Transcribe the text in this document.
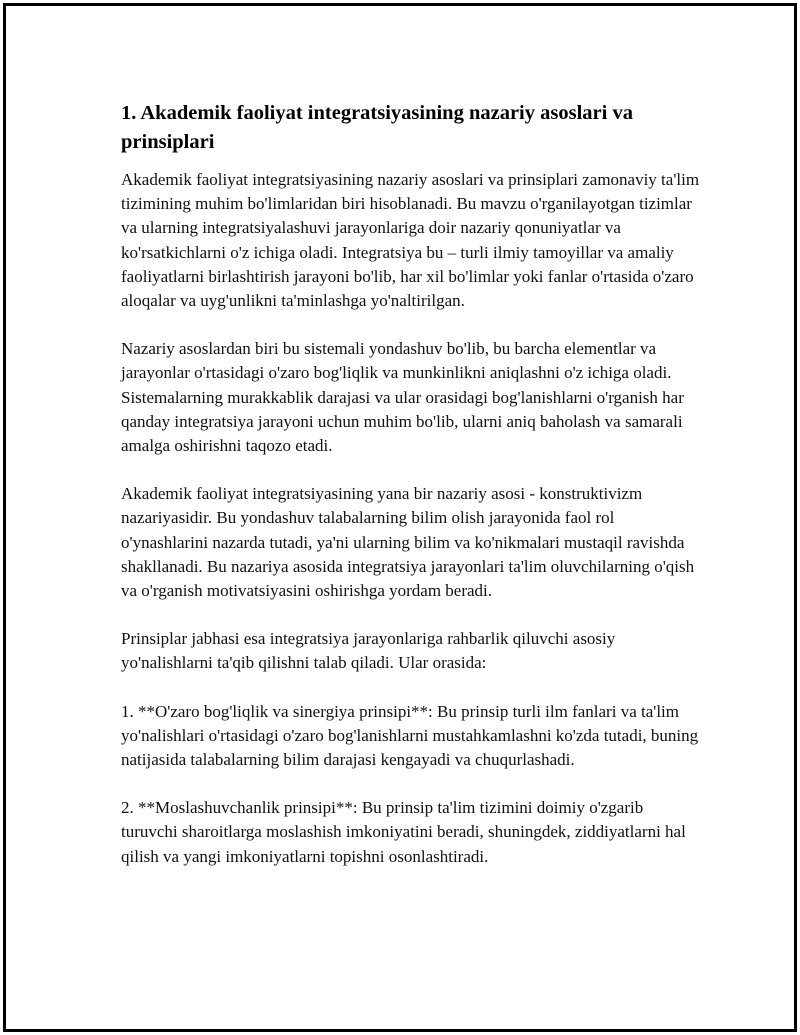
1. Akademik faoliyat integratsiyasining nazariy asoslari va prinsiplari

Akademik faoliyat integratsiyasining nazariy asoslari va prinsiplari zamonaviy ta'lim tizimining muhim bo'limlaridan biri hisoblanadi. Bu mavzu o'rganilayotgan tizimlar va ularning integratsiyalashuvi jarayonlariga doir nazariy qonuniyatlar va ko'rsatkichlarni o'z ichiga oladi. Integratsiya bu – turli ilmiy tamoyillar va amaliy faoliyatlarni birlashtirish jarayoni bo'lib, har xil bo'limlar yoki fanlar o'rtasida o'zaro aloqalar va uyg'unlikni ta'minlashga yo'naltirilgan.

Nazariy asoslardan biri bu sistemali yondashuv bo'lib, bu barcha elementlar va jarayonlar o'rtasidagi o'zaro bog'liqlik va munkinlikni aniqlashni o'z ichiga oladi. Sistemalarning murakkablik darajasi va ular orasidagi bog'lanishlarni o'rganish har qanday integratsiya jarayoni uchun muhim bo'lib, ularni aniq baholash va samarali amalga oshirishni taqozo etadi.

Akademik faoliyat integratsiyasining yana bir nazariy asosi - konstruktivizm nazariyasidir. Bu yondashuv talabalarning bilim olish jarayonida faol rol o'ynashlarini nazarda tutadi, ya'ni ularning bilim va ko'nikmalari mustaqil ravishda shakllanadi. Bu nazariya asosida integratsiya jarayonlari ta'lim oluvchilarning o'qish va o'rganish motivatsiyasini oshirishga yordam beradi.

Prinsiplar jabhasi esa integratsiya jarayonlariga rahbarlik qiluvchi asosiy yo'nalishlarni ta'qib qilishni talab qiladi. Ular orasida:

1. **O'zaro bog'liqlik va sinergiya prinsipi**: Bu prinsip turli ilm fanlari va ta'lim yo'nalishlari o'rtasidagi o'zaro bog'lanishlarni mustahkamlashni ko'zda tutadi, buning natijasida talabalarning bilim darajasi kengayadi va chuqurlashadi.

2. **Moslashuvchanlik prinsipi**: Bu prinsip ta'lim tizimini doimiy o'zgarib turuvchi sharoitlarga moslashish imkoniyatini beradi, shuningdek, ziddiyatlarni hal qilish va yangi imkoniyatlarni topishni osonlashtiradi.
